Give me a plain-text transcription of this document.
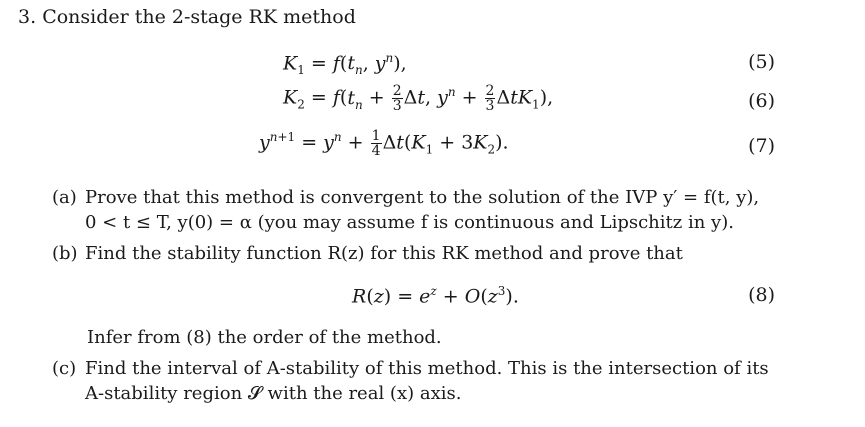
3. Consider the 2-stage RK method
$K_1 = f(t_n$, $y^n$),	(5)
$K_2 = f(t_n + \frac{2}{3} \Delta t$, $y^n + \frac{2}{3} \Delta tK_1$),	(6)
$y^{n+1} = y^n + \frac{1}{4} \Delta t(K_1 + 3K_2)$.	(7)
(a) Prove that this method is convergent to the solution of the IVP y′ = f(t, y),
0 < t ≤ T, y(0) = α (you may assume f is continuous and Lipschitz in y).
(b) Find the stability function R(z) for this RK method and prove that
$R(z) = e^z + O(z^3)$.	(8)
Infer from (8) the order of the method.
(c) Find the interval of A-stability of this method. This is the intersection of its
A-stability region 𝓢 with the real (x) axis.
